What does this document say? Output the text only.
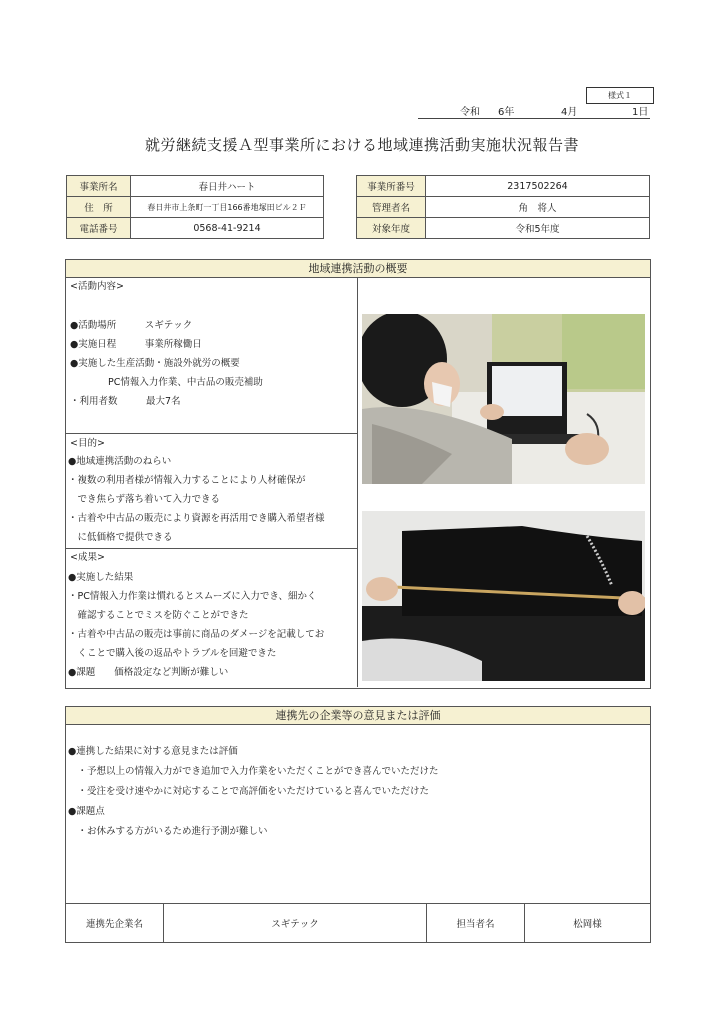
様式１
令和 6年	4月	1日
就労継続支援Ａ型事業所における地域連携活動実施状況報告書
事業所名	春日井ハート
住　所	春日井市上条町一丁目166番地塚田ビル２Ｆ
電話番号	0568-41-9214
事業所番号	2317502264
管理者名	角　将人
対象年度	令和5年度
地域連携活動の概要
<活動内容>
●活動場所　　　スギテック
●実施日程　　　事業所稼働日
●実施した生産活動・施設外就労の概要
　　　　PC情報入力作業、中古品の販売補助
・利用者数　　　最大7名
<目的>
●地域連携活動のねらい
・複数の利用者様が情報入力することにより人材確保が
　でき焦らず落ち着いて入力できる
・古着や中古品の販売により資源を再活用でき購入希望者様
　に低価格で提供できる
<成果>
●実施した結果
・PC情報入力作業は慣れるとスムーズに入力でき、細かく
　確認することでミスを防ぐことができた
・古着や中古品の販売は事前に商品のダメージを記載してお
　くことで購入後の返品やトラブルを回避できた
●課題　　価格設定など判断が難しい
連携先の企業等の意見または評価
●連携した結果に対する意見または評価
　・予想以上の情報入力ができ追加で入力作業をいただくことができ喜んでいただけた
　・受注を受け速やかに対応することで高評価をいただけていると喜んでいただけた
●課題点
　・お休みする方がいるため進行予測が難しい
連携先企業名	スギテック	担当者名	松岡様
